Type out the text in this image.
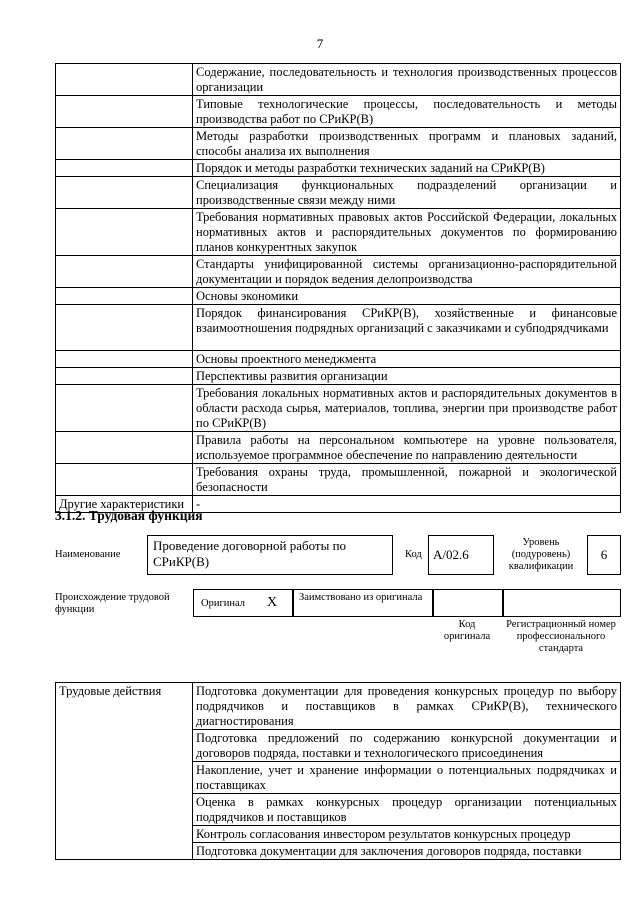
7
	Содержание, последовательность и технология производственных процессов организации
	Типовые технологические процессы, последовательность и методы производства работ по СРиКР(В)
	Методы разработки производственных программ и плановых заданий, способы анализа их выполнения
	Порядок и методы разработки технических заданий на СРиКР(В)
	Специализация функциональных подразделений организации и производственные связи между ними
	Требования нормативных правовых актов Российской Федерации, локальных нормативных актов и распорядительных документов по формированию планов конкурентных закупок
	Стандарты унифицированной системы организационно-распорядительной документации и порядок ведения делопроизводства
	Основы экономики
	Порядок финансирования СРиКР(В), хозяйственные и финансовые взаимоотношения подрядных организаций с заказчиками и субподрядчиками
	Основы проектного менеджмента
	Перспективы развития организации
	Требования локальных нормативных актов и распорядительных документов в области расхода сырья, материалов, топлива, энергии при производстве работ по СРиКР(В)
	Правила работы на персональном компьютере на уровне пользователя, используемое программное обеспечение по направлению деятельности
	Требования охраны труда, промышленной, пожарной и экологической безопасности
Другие характеристики	-
3.1.2. Трудовая функция
Наименование
Проведение договорной работы по СРиКР(В)	Код A/02.6
Уровень (подуровень) квалификации
6
Происхождение трудовой функции
Оригинал X Заимствовано из оригинала
Код оригинала
Регистрационный номер профессионального стандарта
Трудовые действия	Подготовка документации для проведения конкурсных процедур по выбору подрядчиков и поставщиков в рамках СРиКР(В), технического диагностирования
Подготовка предложений по содержанию конкурсной документации и договоров подряда, поставки и технологического присоединения
Накопление, учет и хранение информации о потенциальных подрядчиках и поставщиках
Оценка в рамках конкурсных процедур организации потенциальных подрядчиков и поставщиков
Контроль согласования инвестором результатов конкурсных процедур
Подготовка документации для заключения договоров подряда, поставки
